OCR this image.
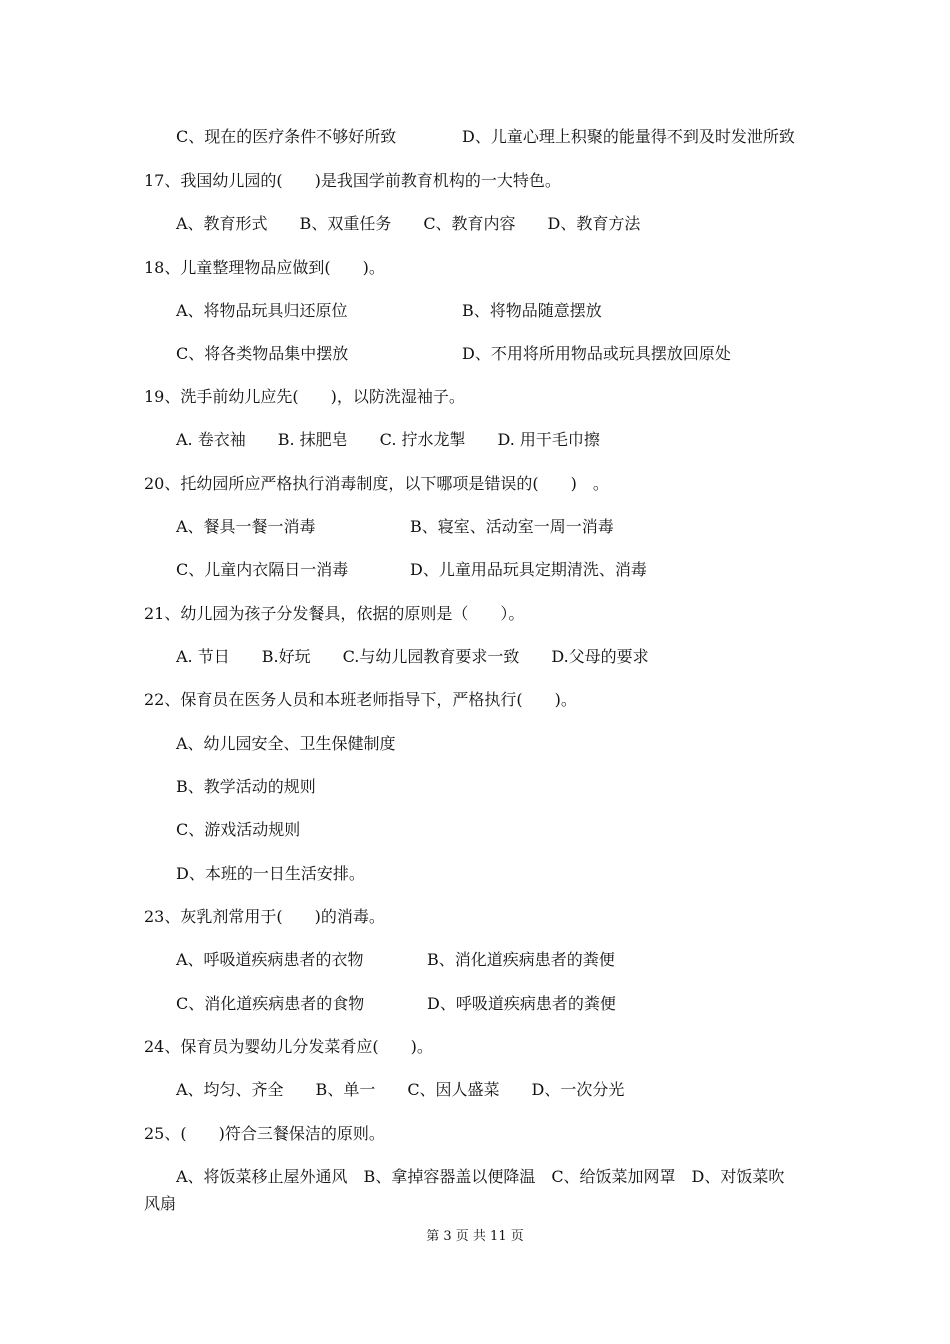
C、现在的医疗条件不够好所致	D、儿童心理上积聚的能量得不到及时发泄所致
17、我国幼儿园的(　　)是我国学前教育机构的一大特色。
A、教育形式　　B、双重任务　　C、教育内容　　D、教育方法
18、儿童整理物品应做到(　　)。
A、将物品玩具归还原位	B、将物品随意摆放
C、将各类物品集中摆放	D、不用将所用物品或玩具摆放回原处
19、洗手前幼儿应先(　　)，以防洗湿袖子。
A. 卷衣袖　　B. 抹肥皂　　C. 拧水龙掣　　D. 用干毛巾擦
20、托幼园所应严格执行消毒制度，以下哪项是错误的(　　)　。
A、餐具一餐一消毒	B、寝室、活动室一周一消毒
C、儿童内衣隔日一消毒	D、儿童用品玩具定期清洗、消毒
21、幼儿园为孩子分发餐具，依据的原则是（　　）。
A. 节日　　B.好玩　　C.与幼儿园教育要求一致　　D.父母的要求
22、保育员在医务人员和本班老师指导下，严格执行(　　)。
A、幼儿园安全、卫生保健制度
B、教学活动的规则
C、游戏活动规则
D、本班的一日生活安排。
23、灰乳剂常用于(　　)的消毒。
A、呼吸道疾病患者的衣物	B、消化道疾病患者的粪便
C、消化道疾病患者的食物	D、呼吸道疾病患者的粪便
24、保育员为婴幼儿分发菜肴应(　　)。
A、均匀、齐全　　B、单一　　C、因人盛菜　　D、一次分光
25、(　　)符合三餐保洁的原则。
A、将饭菜移止屋外通风　B、拿掉容器盖以便降温　C、给饭菜加网罩　D、对饭菜吹
风扇
第 3 页 共 11 页
